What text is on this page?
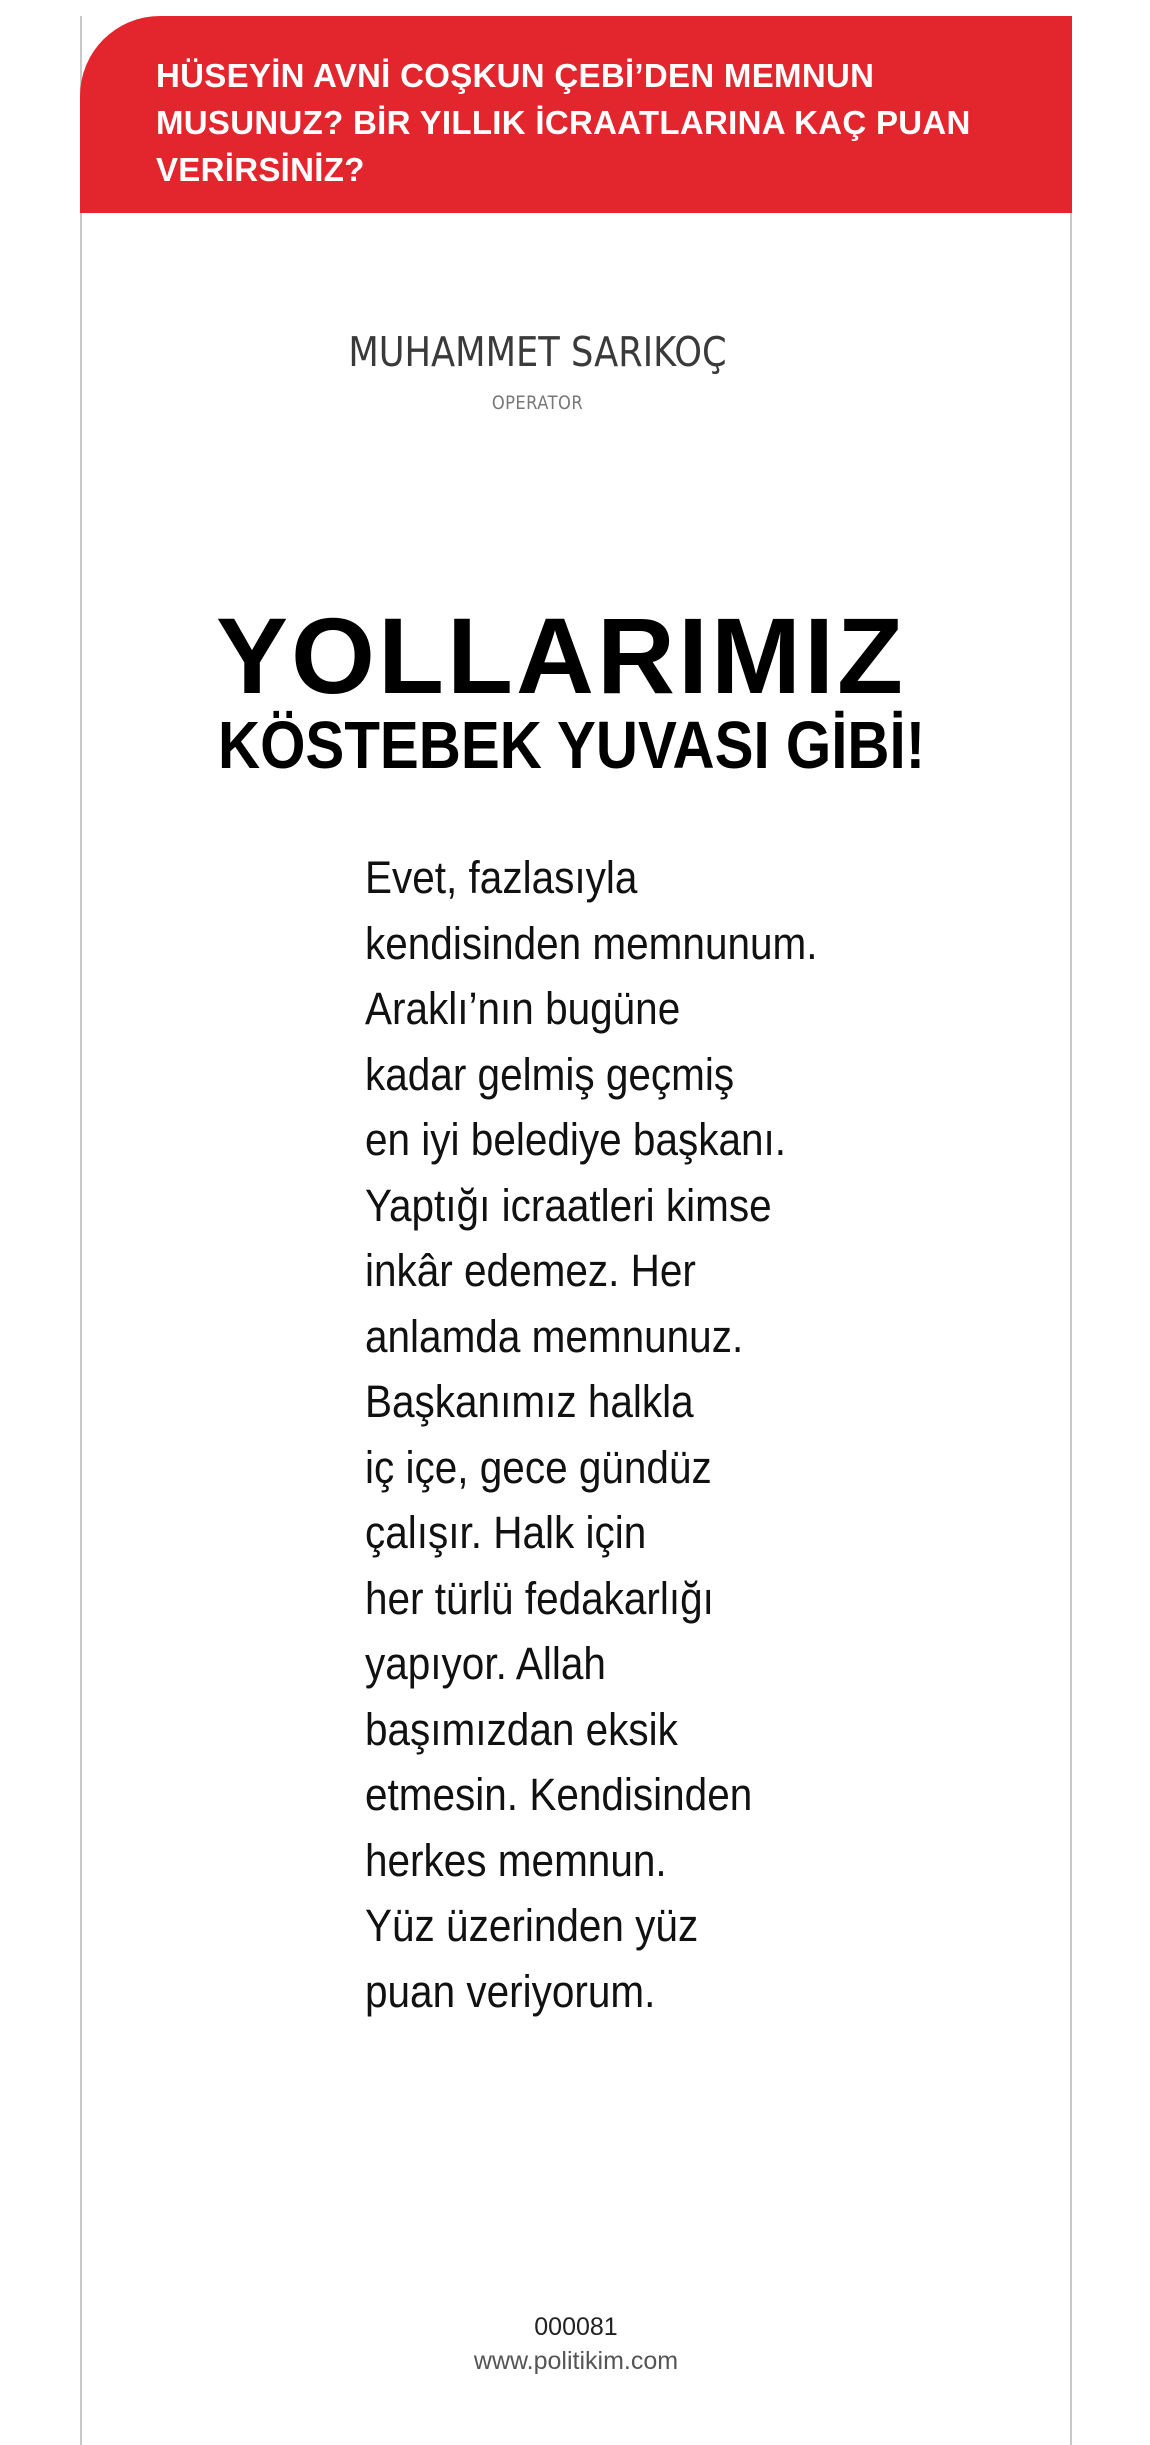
HÜSEYİN AVNİ COŞKUN ÇEBİ’DEN MEMNUN
MUSUNUZ? BİR YILLIK İCRAATLARINA KAÇ PUAN
VERİRSİNİZ?

MUHAMMET SARIKOÇ
OPERATOR
YOLLARIMIZ
KÖSTEBEK YUVASI GİBİ!
Evet, fazlasıyla
kendisinden memnunum.
Araklı’nın bugüne
kadar gelmiş geçmiş
en iyi belediye başkanı.
Yaptığı icraatleri kimse
inkâr edemez. Her
anlamda memnunuz.
Başkanımız halkla
iç içe, gece gündüz
çalışır. Halk için
her türlü fedakarlığı
yapıyor. Allah
başımızdan eksik
etmesin. Kendisinden
herkes memnun.
Yüz üzerinden yüz
puan veriyorum.
000081
www.politikim.com
